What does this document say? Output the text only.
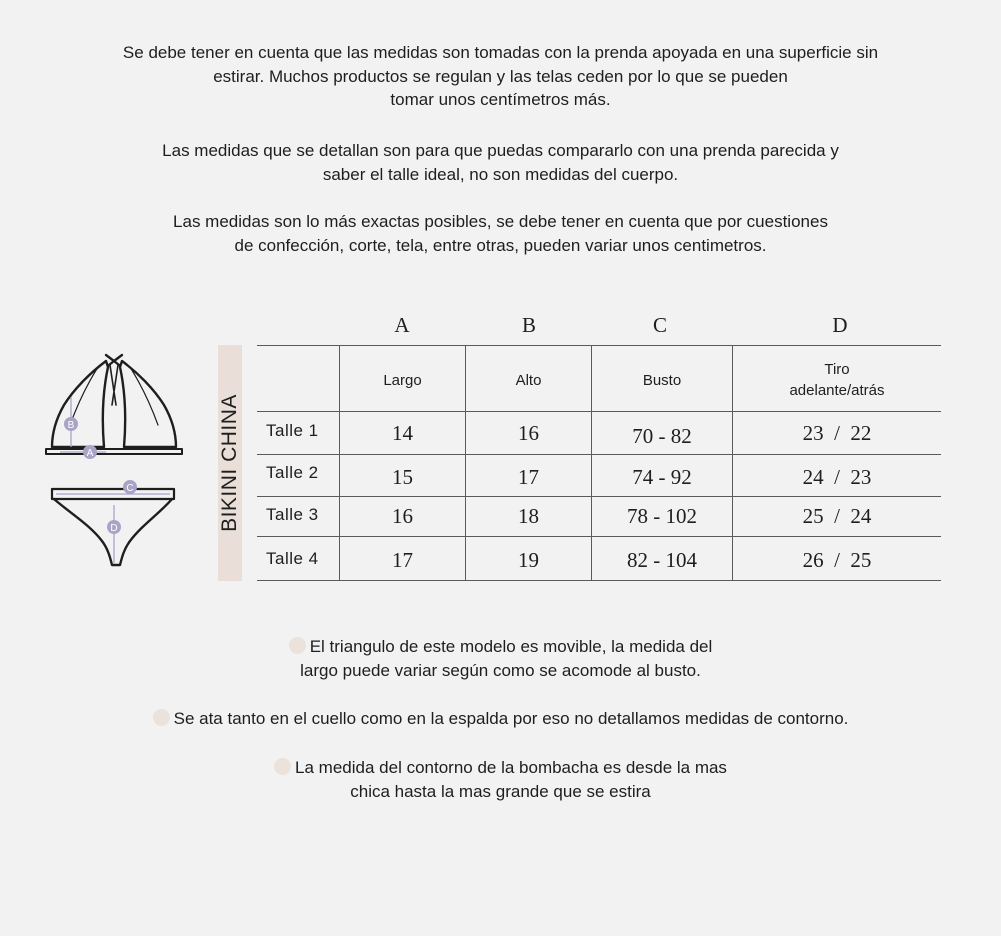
Se debe tener en cuenta que las medidas son tomadas con la prenda apoyada en una superficie sin

estirar. Muchos productos se regulan y las telas ceden por lo que se pueden

tomar unos centímetros más.

Las medidas que se detallan son para que puedas compararlo con una prenda parecida y

saber el talle ideal, no son medidas del cuerpo.

Las medidas son lo más exactas posibles, se debe tener en cuenta que por cuestiones

de confección, corte, tela, entre otras, pueden variar unos centimetros.

B
A
C
D	BIKINI CHINA
A	B	C	D
Largo	Alto	Busto
Tiro
adelante/atrás
Talle 1	14	16	70 - 82	23  /  22
Talle 2	15	17	74 - 92	24  /  23
Talle 3	16	18	78 - 102	25  /  24
Talle 4	17	19	82 - 104	26  /  25

El triangulo de este modelo es movible, la medida del

largo puede variar según como se acomode al busto.

Se ata tanto en el cuello como en la espalda por eso no detallamos medidas de contorno.

La medida del contorno de la bombacha es desde la mas

chica hasta la mas grande que se estira
